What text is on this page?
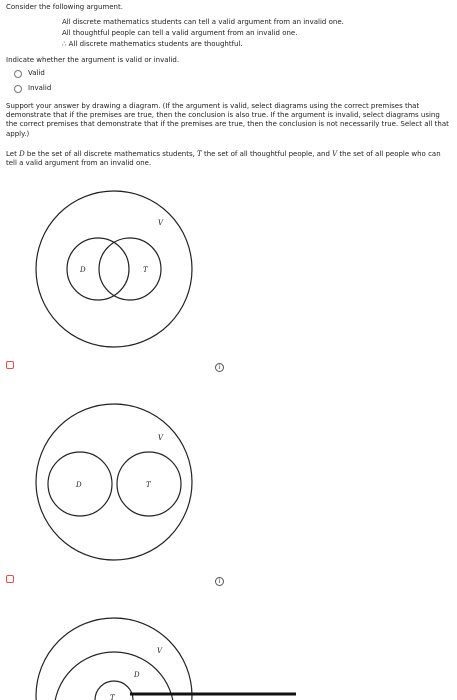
Consider the following argument.
All discrete mathematics students can tell a valid argument from an invalid one.
All thoughtful people can tell a valid argument from an invalid one.
∴ All discrete mathematics students are thoughtful.
Indicate whether the argument is valid or invalid.
Valid
Invalid
Support your answer by drawing a diagram. (If the argument is valid, select diagrams using the correct premises that demonstrate that if the premises are true, then the conclusion is also true. If the argument is invalid, select diagrams using the correct premises that demonstrate that if the premises are true, then the conclusion is not necessarily true. Select all that apply.)
Let D be the set of all discrete mathematics students, T the set of all thoughtful people, and V the set of all people who can tell a valid argument from an invalid one.
V
D	T
V
D	T
V
D
T
i
i
